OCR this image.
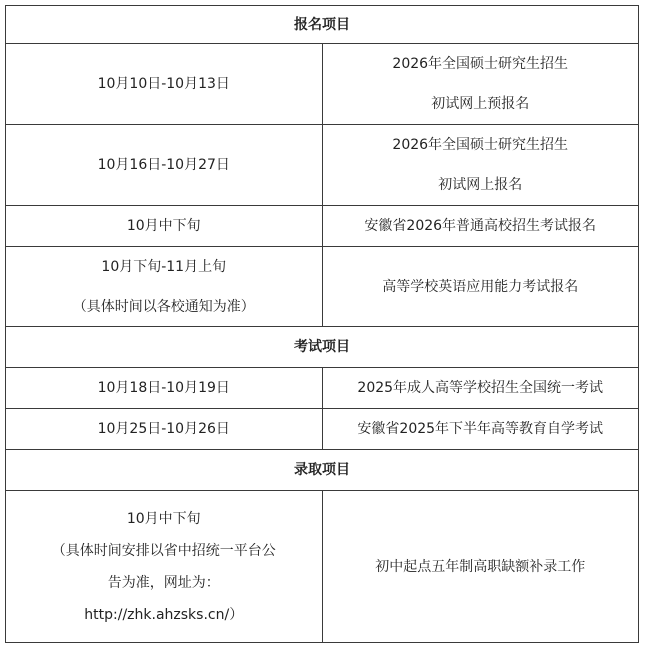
报名项目	

10月10日-10月13日	2026年全国硕士研究生招生
初试网上预报名

10月16日-10月27日	2026年全国硕士研究生招生
初试网上报名

10月中下旬	安徽省2026年普通高校招生考试报名

10月下旬-11月上旬
（具体时间以各校通知为准）	高等学校英语应用能力考试报名

考试项目	

10月18日-10月19日	2025年成人高等学校招生全国统一考试

10月25日-10月26日	安徽省2025年下半年高等教育自学考试

录取项目	

10月中下旬
（具体时间安排以省中招统一平台公
告为准，网址为：
http://zhk.ahzsks.cn/）	初中起点五年制高职缺额补录工作
